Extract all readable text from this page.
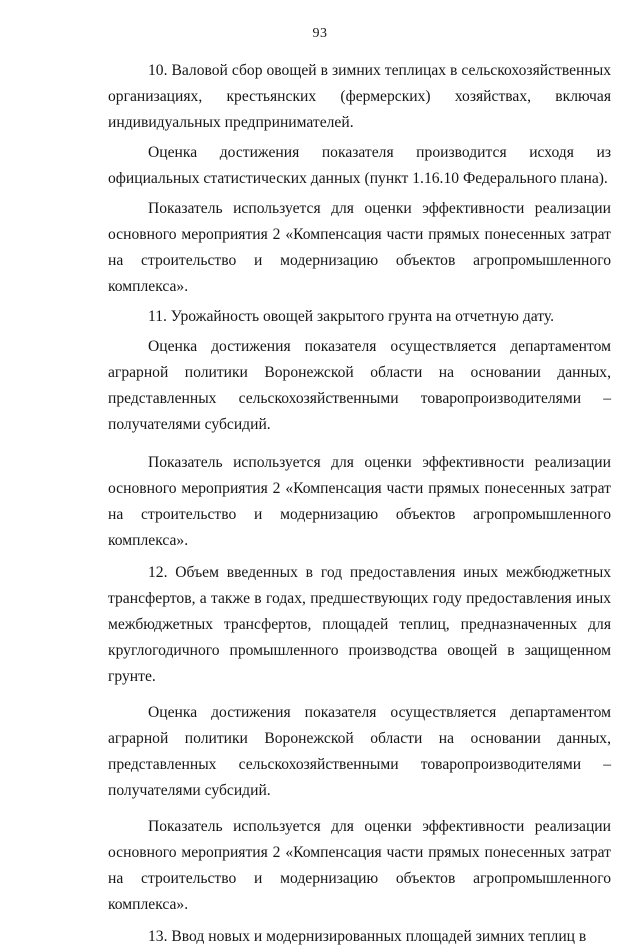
93

10. Валовой сбор овощей в зимних теплицах в сельскохозяйственных организациях, крестьянских (фермерских) хозяйствах, включая индивидуальных предпринимателей.

Оценка достижения показателя производится исходя из официальных статистических данных (пункт 1.16.10 Федерального плана).

Показатель используется для оценки эффективности реализации основного мероприятия 2 «Компенсация части прямых понесенных затрат на строительство и модернизацию объектов агропромышленного комплекса».

11. Урожайность овощей закрытого грунта на отчетную дату.

Оценка достижения показателя осуществляется департаментом аграрной политики Воронежской области на основании данных, представленных сельскохозяйственными товаропроизводителями – получателями субсидий.

Показатель используется для оценки эффективности реализации основного мероприятия 2 «Компенсация части прямых понесенных затрат на строительство и модернизацию объектов агропромышленного комплекса».

12. Объем введенных в год предоставления иных межбюджетных трансфертов, а также в годах, предшествующих году предоставления иных межбюджетных трансфертов, площадей теплиц, предназначенных для круглогодичного промышленного производства овощей в защищенном грунте.

Оценка достижения показателя осуществляется департаментом аграрной политики Воронежской области на основании данных, представленных сельскохозяйственными товаропроизводителями – получателями субсидий.

Показатель используется для оценки эффективности реализации основного мероприятия 2 «Компенсация части прямых понесенных затрат на строительство и модернизацию объектов агропромышленного комплекса».

13. Ввод новых и модернизированных площадей зимних теплиц в
